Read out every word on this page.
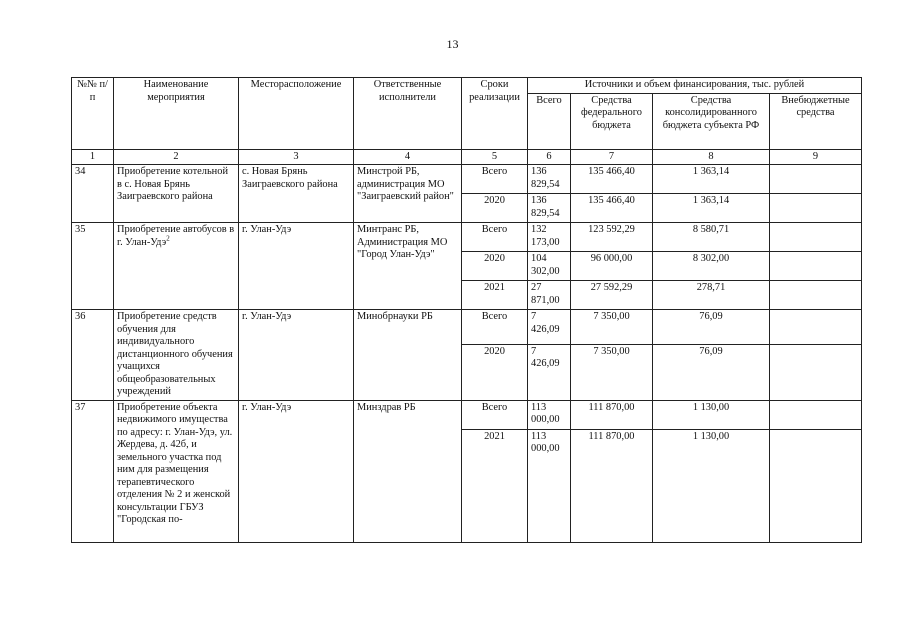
13
№№ п/п	Наименование мероприятия	Месторасположение	Ответственные исполнители	Сроки реализации	Источники и объем финансирования, тыс. рублей			
					Всего	Средства федерального бюджета	Средства консолидированного бюджета субъекта РФ	Внебюджетные средства
1	2	3	4	5	6	7	8	9
34	Приобретение котельной в с. Новая Брянь Заиграевского района	с. Новая Брянь Заиграевского района	Минстрой РБ, администрация МО "Заиграевский район"	Всего	136 829,54	135 466,40	1 363,14	
				2020	136 829,54	135 466,40	1 363,14	
35	Приобретение автобусов в г. Улан-Удэ$^2$	г. Улан-Удэ	Минтранс РБ, Администрация МО "Город Улан-Удэ"	Всего	132 173,00	123 592,29	8 580,71	
				2020	104 302,00	96 000,00	8 302,00	
				2021	27 871,00	27 592,29	278,71	
36	Приобретение средств обучения для индивидуального дистанционного обучения учащихся общеобразовательных учреждений	г. Улан-Удэ	Минобрнауки РБ	Всего	7 426,09	7 350,00	76,09	
				2020	7 426,09	7 350,00	76,09	
37	Приобретение объекта недвижимого имущества по адресу: г. Улан-Удэ, ул. Жердева, д. 42б, и земельного участка под ним для размещения терапевтического отделения № 2 и женской консультации ГБУЗ "Городская по-	г. Улан-Удэ	Минздрав РБ	Всего	113 000,00	111 870,00	1 130,00	
				2021	113 000,00	111 870,00	1 130,00	
